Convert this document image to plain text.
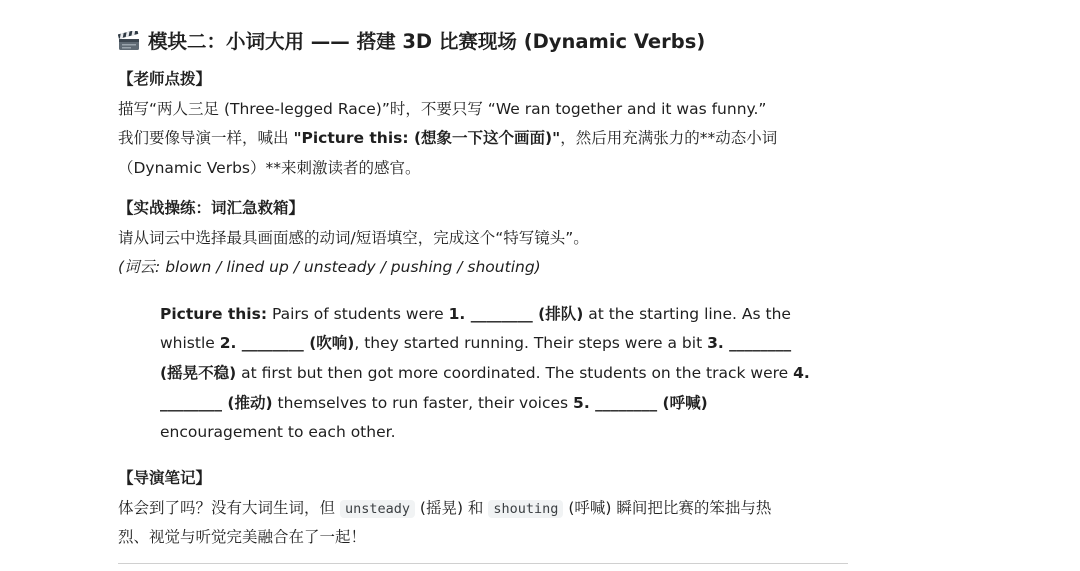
模块二：小词大用 —— 搭建 3D 比赛现场 (Dynamic Verbs)
【老师点拨】
描写“两人三足 (Three-legged Race)”时，不要只写 “We ran together and it was funny.”
我们要像导演一样，喊出 "Picture this: (想象一下这个画面)"，然后用充满张力的**动态小词
（Dynamic Verbs）**来刺激读者的感官。
【实战操练：词汇急救箱】
请从词云中选择最具画面感的动词/短语填空，完成这个“特写镜头”。
(词云: blown / lined up / unsteady / pushing / shouting)
Picture this: Pairs of students were 1. ________ (排队) at the starting line. As the
whistle 2. ________ (吹响), they started running. Their steps were a bit 3. ________
(摇晃不稳) at first but then got more coordinated. The students on the track were 4.
________ (推动) themselves to run faster, their voices 5. ________ (呼喊)
encouragement to each other.
【导演笔记】
体会到了吗？没有大词生词，但 unsteady (摇晃) 和 shouting (呼喊) 瞬间把比赛的笨拙与热
烈、视觉与听觉完美融合在了一起！
